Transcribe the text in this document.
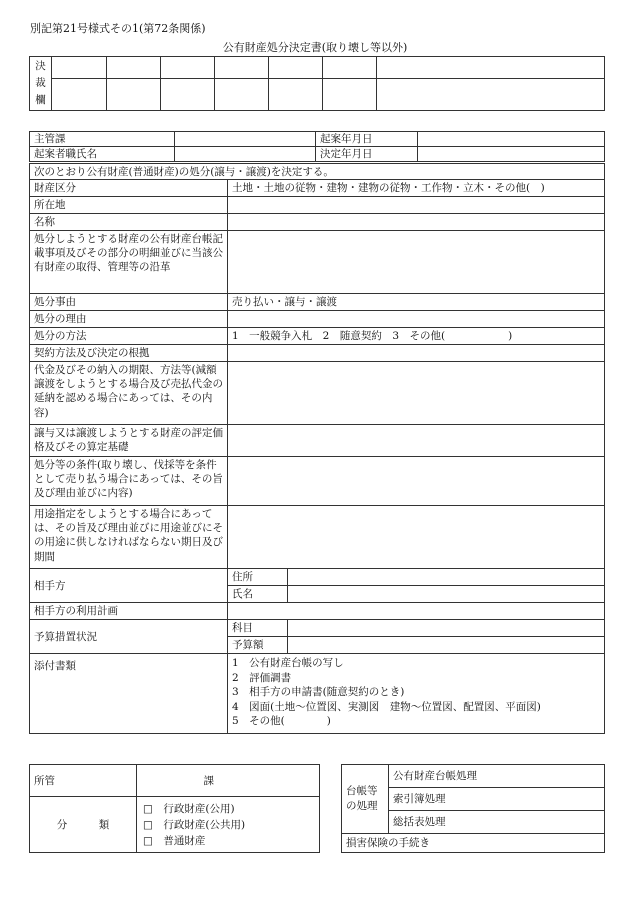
別記第21号様式その1(第72条関係)
公有財産処分決定書(取り壊し等以外)
決
裁
欄							

主管課		起案年月日	
起案者職氏名		決定年月日	
次のとおり公有財産(普通財産)の処分(譲与・譲渡)を決定する。
財産区分	土地・土地の従物・建物・建物の従物・工作物・立木・その他(　)
所在地	
名称	
処分しようとする財産の公有財産台帳記載事項及びその部分の明細並びに当該公有財産の取得、管理等の沿革	
処分事由	売り払い・譲与・譲渡
処分の理由	
処分の方法	1　一般競争入札　2　随意契約　3　その他(　　　　　　)
契約方法及び決定の根拠	
代金及びその納入の期限、方法等(減額譲渡をしようとする場合及び売払代金の延納を認める場合にあっては、その内容)	
譲与又は譲渡しようとする財産の評定価格及びその算定基礎	
処分等の条件(取り壊し、伐採等を条件として売り払う場合にあっては、その旨及び理由並びに内容)	
用途指定をしようとする場合にあっては、その旨及び理由並びに用途並びにその用途に供しなければならない期日及び期間	
相手方	住所	
氏名	
相手方の利用計画	
予算措置状況	科目	
予算額	
添付書類		1　公有財産台帳の写し
2　評価調書
3　相手方の申請書(随意契約のとき)
4　図面(土地～位置図、実測図　建物～位置図、配置図、平面図)
5　その他(　　　　)
所管	課
分　　　類	□　行政財産(公用)
□　行政財産(公共用)
□　普通財産
台帳等
の処理	公有財産台帳処理
索引簿処理
総括表処理
損害保険の手続き
